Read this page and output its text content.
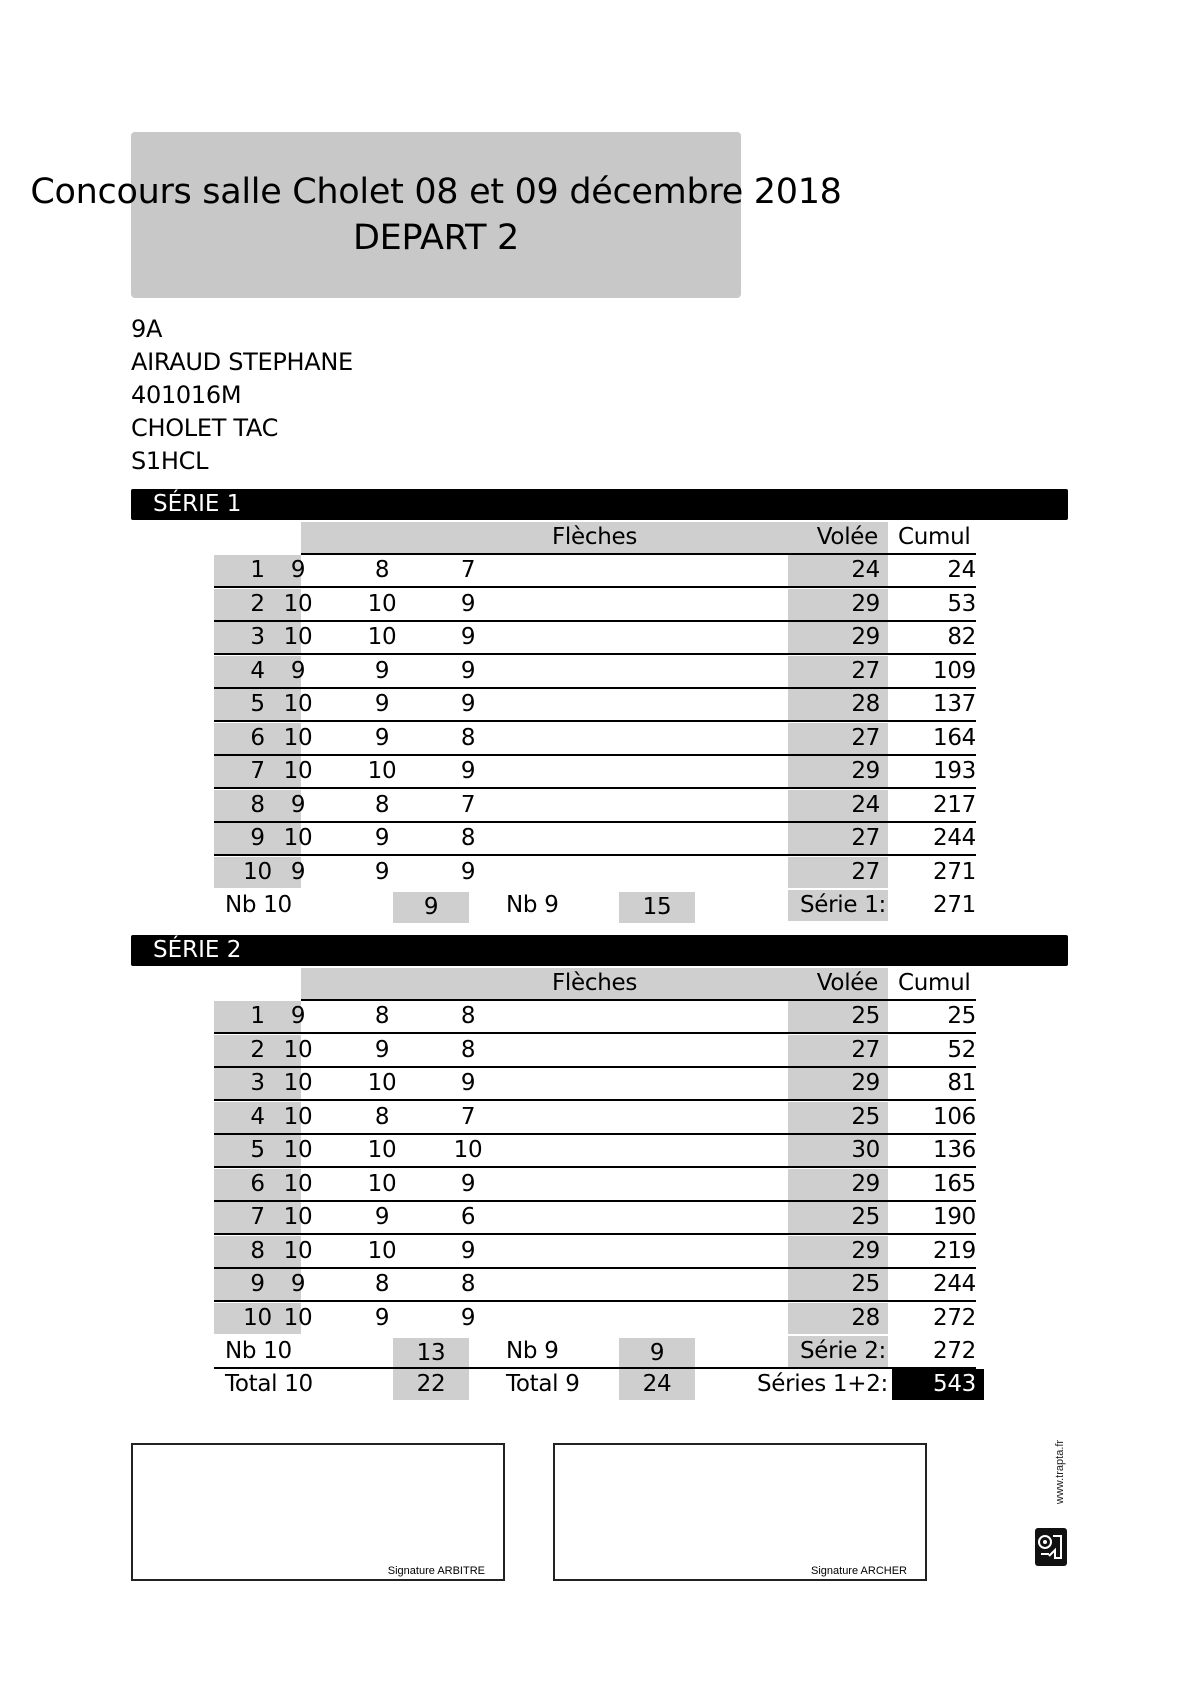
Concours salle Cholet 08 et 09 décembre 2018
DEPART 2
9A
AIRAUD STEPHANE
401016M
CHOLET TAC
S1HCL
SÉRIE 1
Flèches	Volée Cumul
1	9	8	7	24	24
2 10	10	9	29	53
3 10	10	9	29	82
4	9	9	9	27	109
5 10	9	9	28	137
6 10	9	8	27	164
7 10	10	9	29	193
8	9	8	7	24	217
9 10	9	8	27	244
10 9	9	9	27	271
Nb 10	9	Nb 9	15	Série 1:	271
SÉRIE 2
Flèches	Volée Cumul
1	9	8	8	25	25
2 10	9	8	27	52
3 10	10	9	29	81
4 10	8	7	25	106
5 10	10	10	30	136
6 10	10	9	29	165
7 10	9	6	25	190
8 10	10	9	29	219
9	9	8	8	25	244
10 10	9	9	28	272
Nb 10	13	Nb 9	9	Série 2:	272
Total 10	22	Total 9	24	Séries 1+2:	543
Signature ARBITRE	Signature ARCHER
www.trapta.fr
